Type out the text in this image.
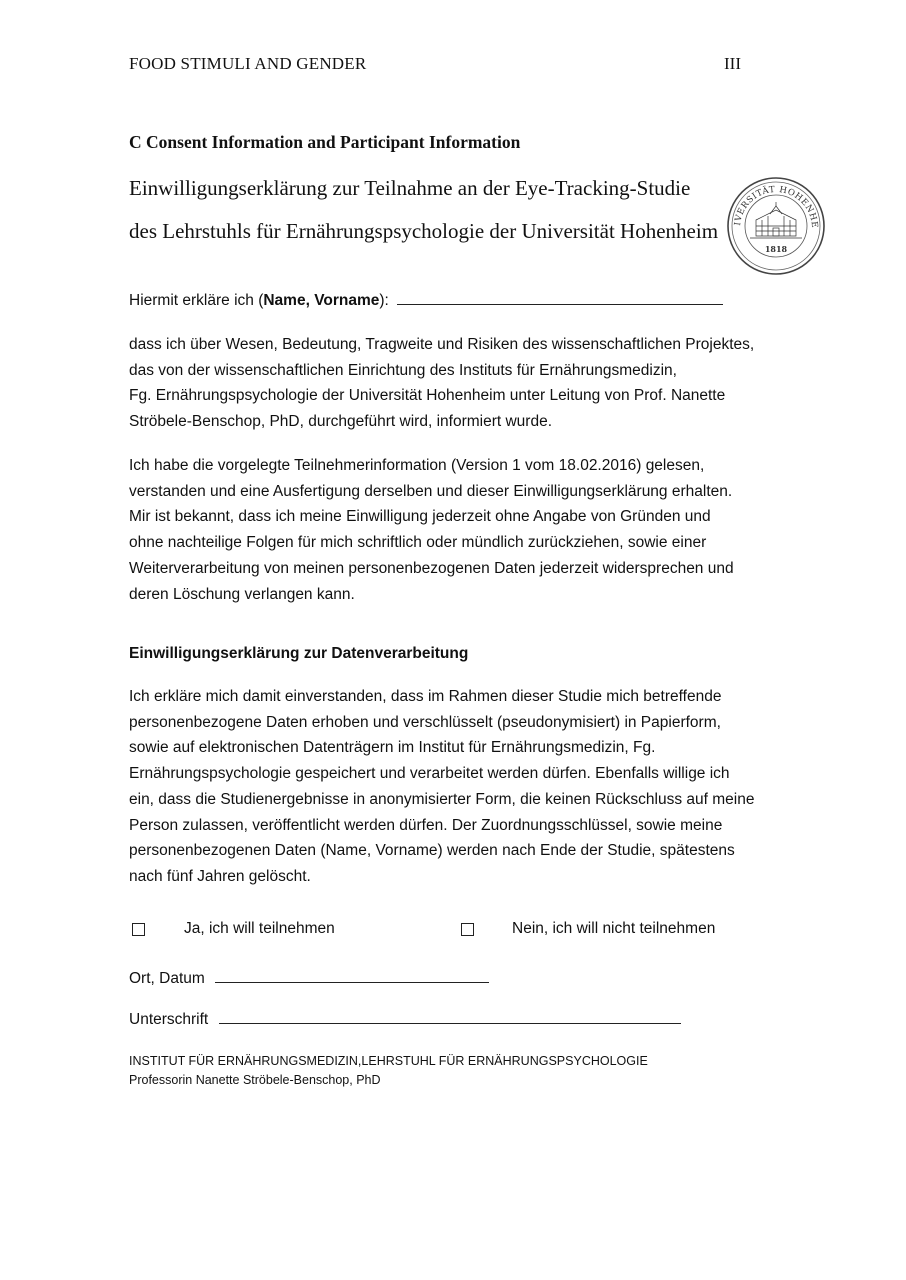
FOOD STIMULI AND GENDER	III
C Consent Information and Participant Information
Einwilligungserklärung zur Teilnahme an der Eye-Tracking-Studie
des Lehrstuhls für Ernährungspsychologie der Universität Hohenheim	IVERSITÄT HOHENHE
1818
Hiermit erkläre ich (Name, Vorname):
dass ich über Wesen, Bedeutung, Tragweite und Risiken des wissenschaftlichen Projektes,
das von der wissenschaftlichen Einrichtung des Instituts für Ernährungsmedizin,
Fg. Ernährungspsychologie der Universität Hohenheim unter Leitung von Prof. Nanette
Ströbele-Benschop, PhD, durchgeführt wird, informiert wurde.
Ich habe die vorgelegte Teilnehmerinformation (Version 1 vom 18.02.2016) gelesen,
verstanden und eine Ausfertigung derselben und dieser Einwilligungserklärung erhalten.
Mir ist bekannt, dass ich meine Einwilligung jederzeit ohne Angabe von Gründen und
ohne nachteilige Folgen für mich schriftlich oder mündlich zurückziehen, sowie einer
Weiterverarbeitung von meinen personenbezogenen Daten jederzeit widersprechen und
deren Löschung verlangen kann.
Einwilligungserklärung zur Datenverarbeitung
Ich erkläre mich damit einverstanden, dass im Rahmen dieser Studie mich betreffende
personenbezogene Daten erhoben und verschlüsselt (pseudonymisiert) in Papierform,
sowie auf elektronischen Datenträgern im Institut für Ernährungsmedizin, Fg.
Ernährungspsychologie gespeichert und verarbeitet werden dürfen. Ebenfalls willige ich
ein, dass die Studienergebnisse in anonymisierter Form, die keinen Rückschluss auf meine
Person zulassen, veröffentlicht werden dürfen. Der Zuordnungsschlüssel, sowie meine
personenbezogenen Daten (Name, Vorname) werden nach Ende der Studie, spätestens
nach fünf Jahren gelöscht.
Ja, ich will teilnehmen	Nein, ich will nicht teilnehmen
Ort, Datum
Unterschrift
INSTITUT FÜR ERNÄHRUNGSMEDIZIN,LEHRSTUHL FÜR ERNÄHRUNGSPSYCHOLOGIE
Professorin Nanette Ströbele-Benschop, PhD
